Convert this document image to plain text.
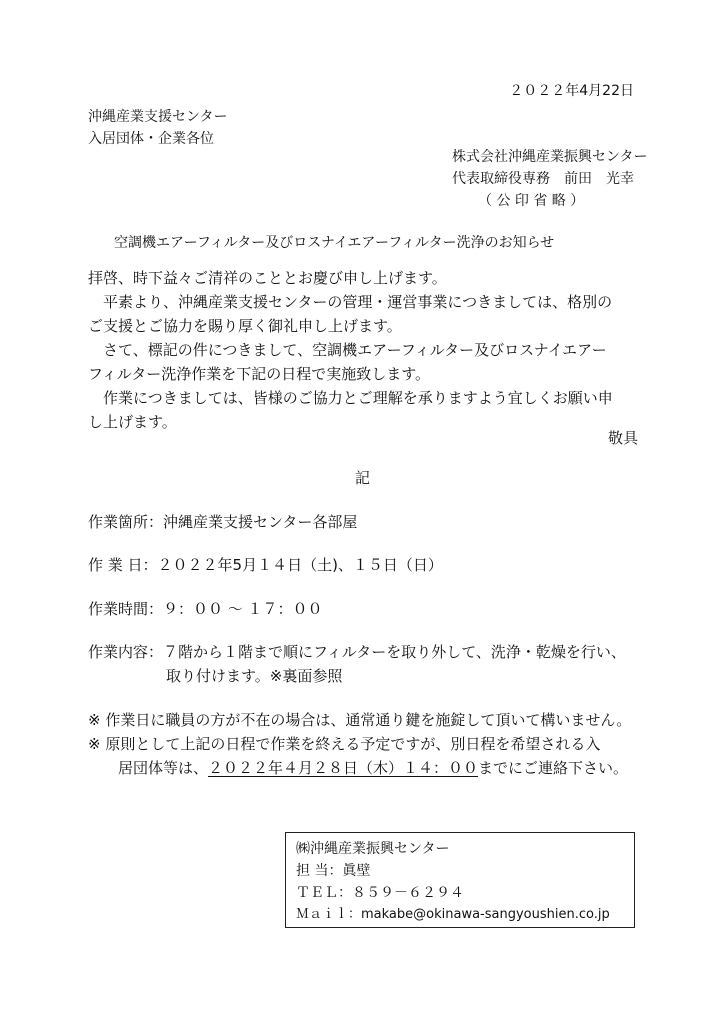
２０２２年4月22日
沖縄産業支援センター
入居団体・企業各位
株式会社沖縄産業振興センター
代表取締役専務　前田　光幸
（ 公 印 省 略 ）
空調機エアーフィルター及びロスナイエアーフィルター洗浄のお知らせ
拝啓、時下益々ご清祥のこととお慶び申し上げます。
　平素より、沖縄産業支援センターの管理・運営事業につきましては、格別の
ご支援とご協力を賜り厚く御礼申し上げます。
　さて、標記の件につきまして、空調機エアーフィルター及びロスナイエアー
フィルター洗浄作業を下記の日程で実施致します。
　作業につきましては、皆様のご協力とご理解を承りますよう宜しくお願い申
し上げます。
敬具
記
作業箇所：沖縄産業支援センター各部屋
作 業 日：２０２２年5月１４日（土)、１５日（日）
作業時間：９：００ 〜 １７：００
作業内容：７階から１階まで順にフィルターを取り外して、洗浄・乾燥を行い、
取り付けます。※裏面参照
※ 作業日に職員の方が不在の場合は、通常通り鍵を施錠して頂いて構いません。
※ 原則として上記の日程で作業を終える予定ですが、別日程を希望される入
居団体等は、２０２２年４月２８日（木）１４：００までにご連絡下さい。
㈱沖縄産業振興センター
担 当：眞壁
ＴＥＬ：８５９－６２９４
Ｍａｉｌ：makabe@okinawa-sangyoushien.co.jp
